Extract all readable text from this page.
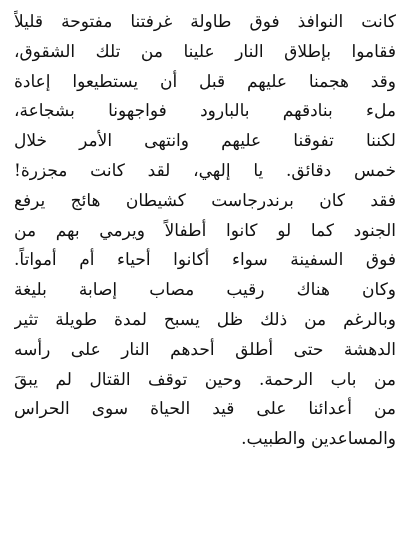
كانت النوافذ فوق طاولة غرفتنا مفتوحة قليلاً
فقاموا بإطلاق النار علينا من تلك الشقوق،
وقد هجمنا عليهم قبل أن يستطيعوا إعادة
ملء بنادقهم بالبارود فواجهونا بشجاعة،
لكننا تفوقنا عليهم وانتهى الأمر خلال
خمس دقائق. يا إلهي، لقد كانت مجزرة!
فقد كان برندرجاست كشيطان هائج يرفع
الجنود كما لو كانوا أطفالاً ويرمي بهم من
فوق السفينة سواء أكانوا أحياء أم أمواتاً.
وكان هناك رقيب مصاب إصابة بليغة
وبالرغم من ذلك ظل يسبح لمدة طويلة تثير
الدهشة حتى أطلق أحدهم النار على رأسه
من باب الرحمة. وحين توقف القتال لم يبقَ
من أعدائنا على قيد الحياة سوى الحراس
والمساعدين والطبيب.
